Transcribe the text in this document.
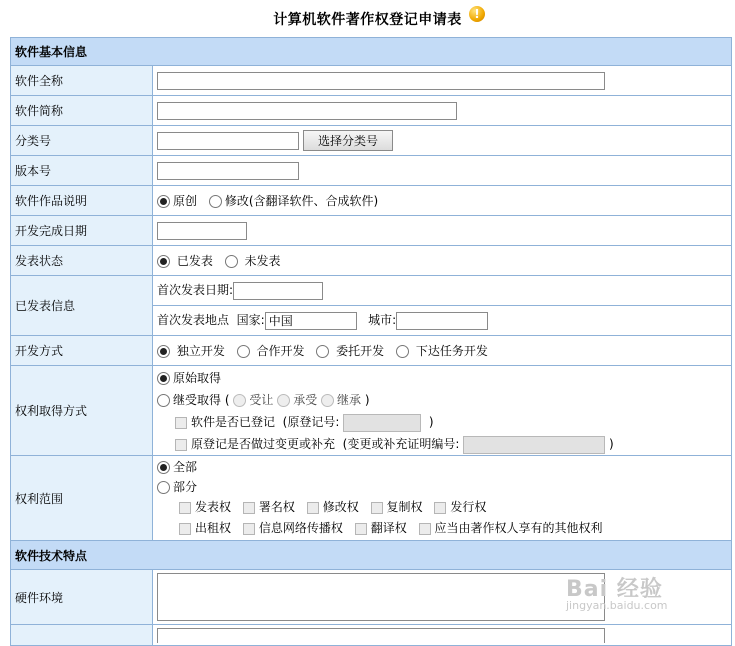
计算机软件著作权登记申请表	!
软件基本信息	
软件全称	
软件简称	
分类号	选择分类号
版本号	
软件作品说明	原创 修改(含翻译软件、合成软件)
开发完成日期	
发表状态	已发表 未发表
已发表信息	首次发表日期:
	首次发表地点 国家:中国 城市:
开发方式	独立开发 合作开发 委托开发 下达任务开发
权利取得方式	原始取得
继受取得 ( 受让 承受 继承 )
软件是否已登记 (原登记号: )
原登记是否做过变更或补充 (变更或补充证明编号: )

权利范围	全部
部分
发表权 署名权 修改权 复制权 发行权
出租权 信息网络传播权 翻译权 应当由著作权人享有的其他权利

软件技术特点	
硬件环境	

		Bai 经验
jingyan.baidu.com
